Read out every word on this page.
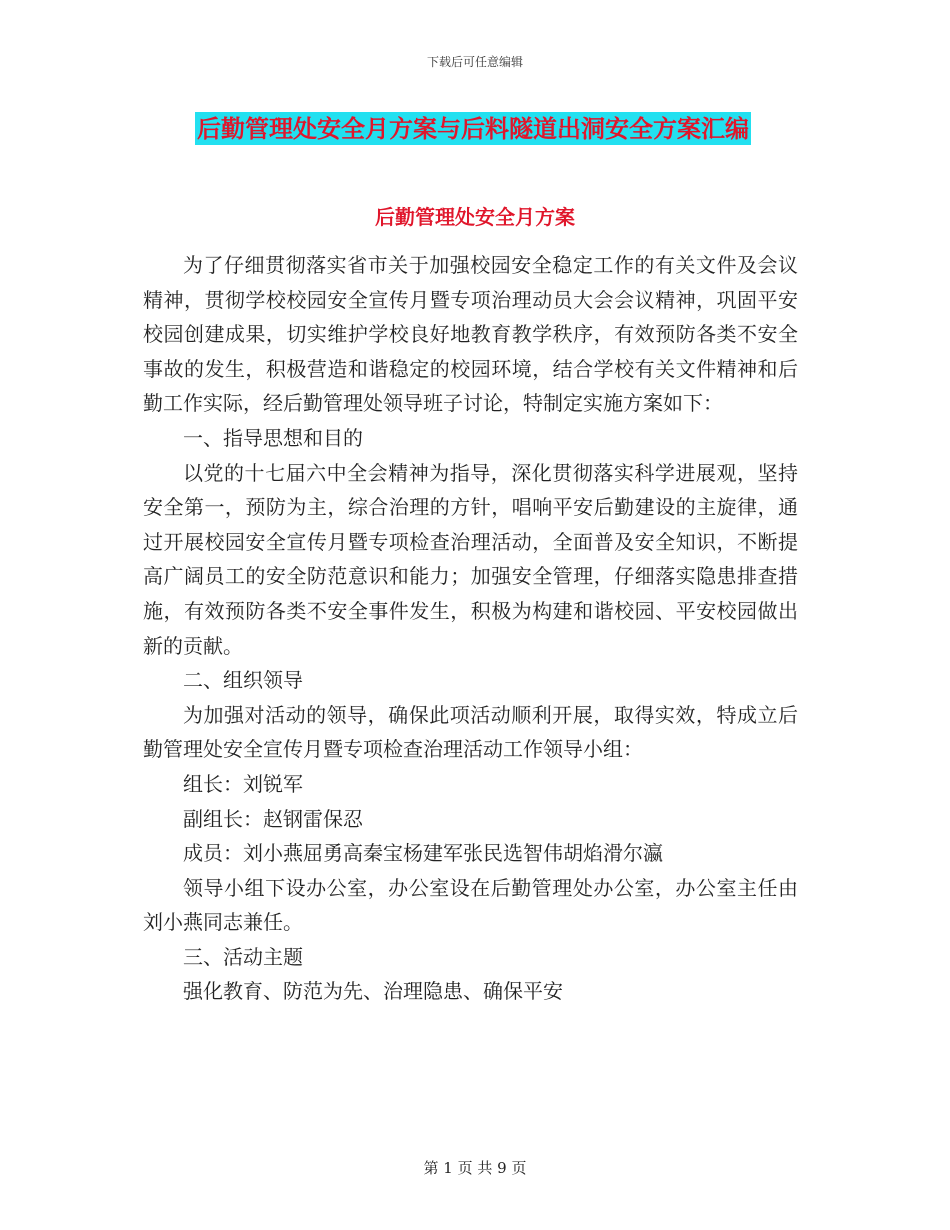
下载后可任意编辑
后勤管理处安全月方案与后料隧道出洞安全方案汇编
后勤管理处安全月方案

为了仔细贯彻落实省市关于加强校园安全稳定工作的有关文件及会议精神，贯彻学校校园安全宣传月暨专项治理动员大会会议精神，巩固平安校园创建成果，切实维护学校良好地教育教学秩序，有效预防各类不安全事故的发生，积极营造和谐稳定的校园环境，结合学校有关文件精神和后勤工作实际，经后勤管理处领导班子讨论，特制定实施方案如下：

一、指导思想和目的

以党的十七届六中全会精神为指导，深化贯彻落实科学进展观，坚持安全第一，预防为主，综合治理的方针，唱响平安后勤建设的主旋律，通过开展校园安全宣传月暨专项检查治理活动，全面普及安全知识，不断提高广阔员工的安全防范意识和能力；加强安全管理，仔细落实隐患排查措施，有效预防各类不安全事件发生，积极为构建和谐校园、平安校园做出新的贡献。

二、组织领导

为加强对活动的领导，确保此项活动顺利开展，取得实效，特成立后勤管理处安全宣传月暨专项检查治理活动工作领导小组：

组长：刘锐军

副组长：赵钢雷保忍

成员：刘小燕屈勇高秦宝杨建军张民选智伟胡焰滑尔瀛

领导小组下设办公室，办公室设在后勤管理处办公室，办公室主任由刘小燕同志兼任。

三、活动主题

强化教育、防范为先、治理隐患、确保平安

第 1 页 共 9 页
